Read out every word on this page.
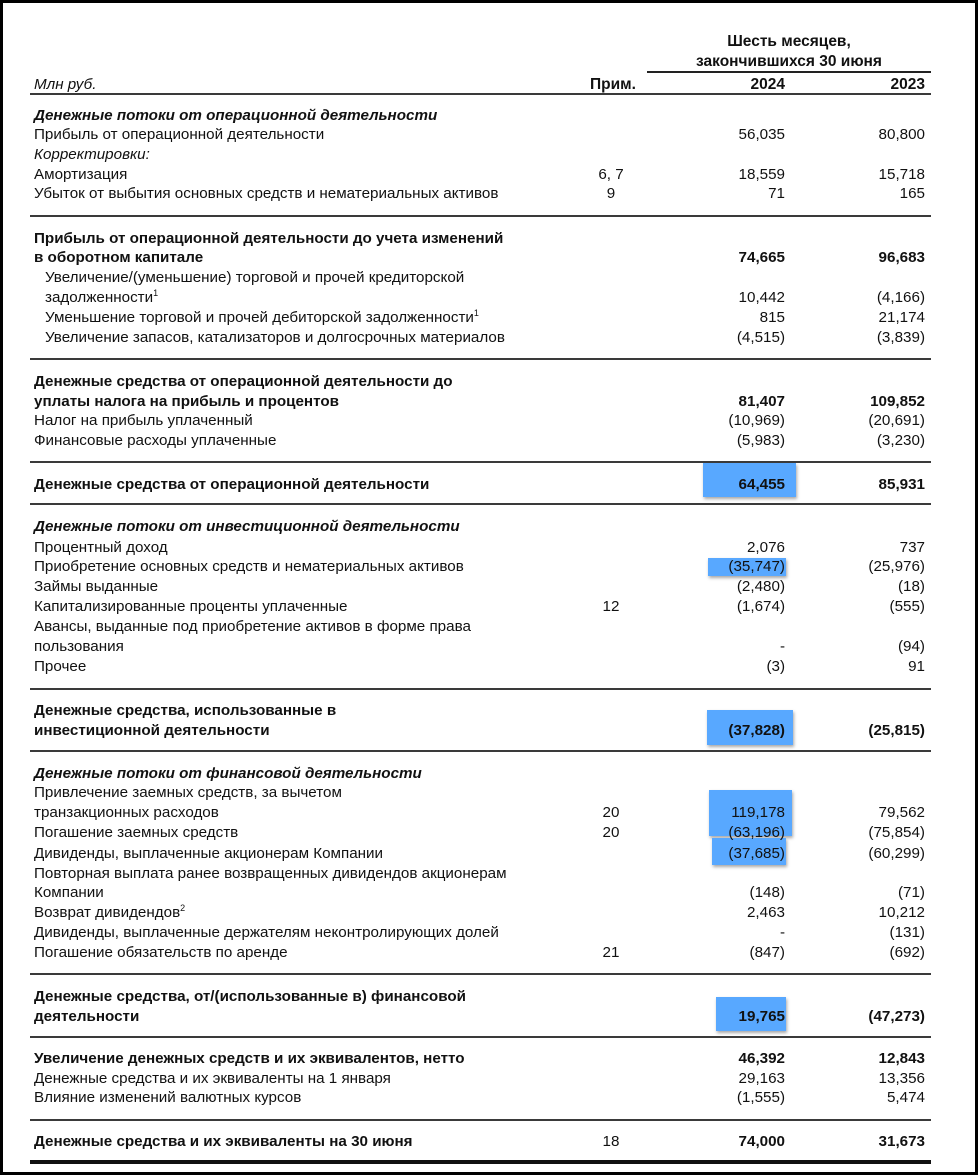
Шесть месяцев,
закончившихся 30 июня
Млн руб.	Прим.	2024	2023
Денежные потоки от операционной деятельности
Прибыль от операционной деятельности	56,035	80,800
Корректировки:
Амортизация	6, 7	18,559	15,718
Убыток от выбытия основных средств и нематериальных активов	9	71	165
Прибыль от операционной деятельности до учета изменений
в оборотном капитале	74,665	96,683
Увеличение/(уменьшение) торговой и прочей кредиторской
задолженности$^1$	10,442	(4,166)
Уменьшение торговой и прочей дебиторской задолженности$^1$	815	21,174
Увеличение запасов, катализаторов и долгосрочных материалов	(4,515)	(3,839)
Денежные средства от операционной деятельности до
уплаты налога на прибыль и процентов	81,407	109,852
Налог на прибыль уплаченный	(10,969)	(20,691)
Финансовые расходы уплаченные	(5,983)	(3,230)
Денежные средства от операционной деятельности	64,455	85,931
Денежные потоки от инвестиционной деятельности
Процентный доход	2,076	737
Приобретение основных средств и нематериальных активов	(35,747)	(25,976)
Займы выданные	(2,480)	(18)
Капитализированные проценты уплаченные	12	(1,674)	(555)
Авансы, выданные под приобретение активов в форме права
пользования	-	(94)
Прочее	(3)	91
Денежные средства, использованные в
инвестиционной деятельности	(37,828)	(25,815)
Денежные потоки от финансовой деятельности
Привлечение заемных средств, за вычетом
транзакционных расходов	20	119,178	79,562
Погашение заемных средств	20	(63,196)	(75,854)
Дивиденды, выплаченные акционерам Компании	(37,685)	(60,299)
Повторная выплата ранее возвращенных дивидендов акционерам
Компании	(148)	(71)
Возврат дивидендов$^2$	2,463	10,212
Дивиденды, выплаченные держателям неконтролирующих долей	-	(131)
Погашение обязательств по аренде	21	(847)	(692)
Денежные средства, от/(использованные в) финансовой
деятельности	19,765	(47,273)
Увеличение денежных средств и их эквивалентов, нетто	46,392	12,843
Денежные средства и их эквиваленты на 1 января	29,163	13,356
Влияние изменений валютных курсов	(1,555)	5,474
Денежные средства и их эквиваленты на 30 июня	18	74,000	31,673
